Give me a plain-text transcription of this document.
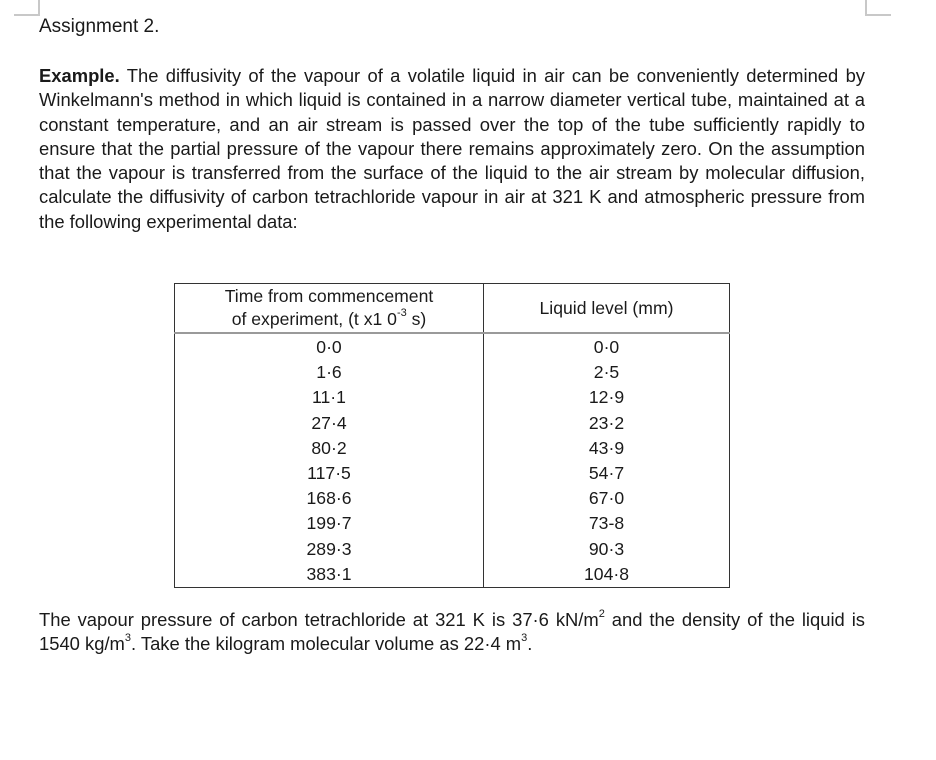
Assignment 2.

Example. The diffusivity of the vapour of a volatile liquid in air can be conveniently determined by Winkelmann's method in which liquid is contained in a narrow diameter vertical tube, maintained at a constant temperature, and an air stream is passed over the top of the tube sufficiently rapidly to ensure that the partial pressure of the vapour there remains approximately zero. On the assumption that the vapour is transferred from the surface of the liquid to the air stream by molecular diffusion, calculate the diffusivity of carbon tetrachloride vapour in air at 321 K and atmospheric pressure from the following experimental data:

Time from commencement
of experiment, (t x1 $0^{-3}$ s)	Liquid level (mm)
0·0	0·0
1·6	2·5
11·1	12·9
27·4	23·2
80·2	43·9
117·5	54·7
168·6	67·0
199·7	73-8
289·3	90·3
383·1	104·8

The vapour pressure of carbon tetrachloride at 321 K is 37·6 $kN/m^2$ and the density of the liquid is 1540 $kg/m^3$. Take the kilogram molecular volume as 22·4 $m^3$.
